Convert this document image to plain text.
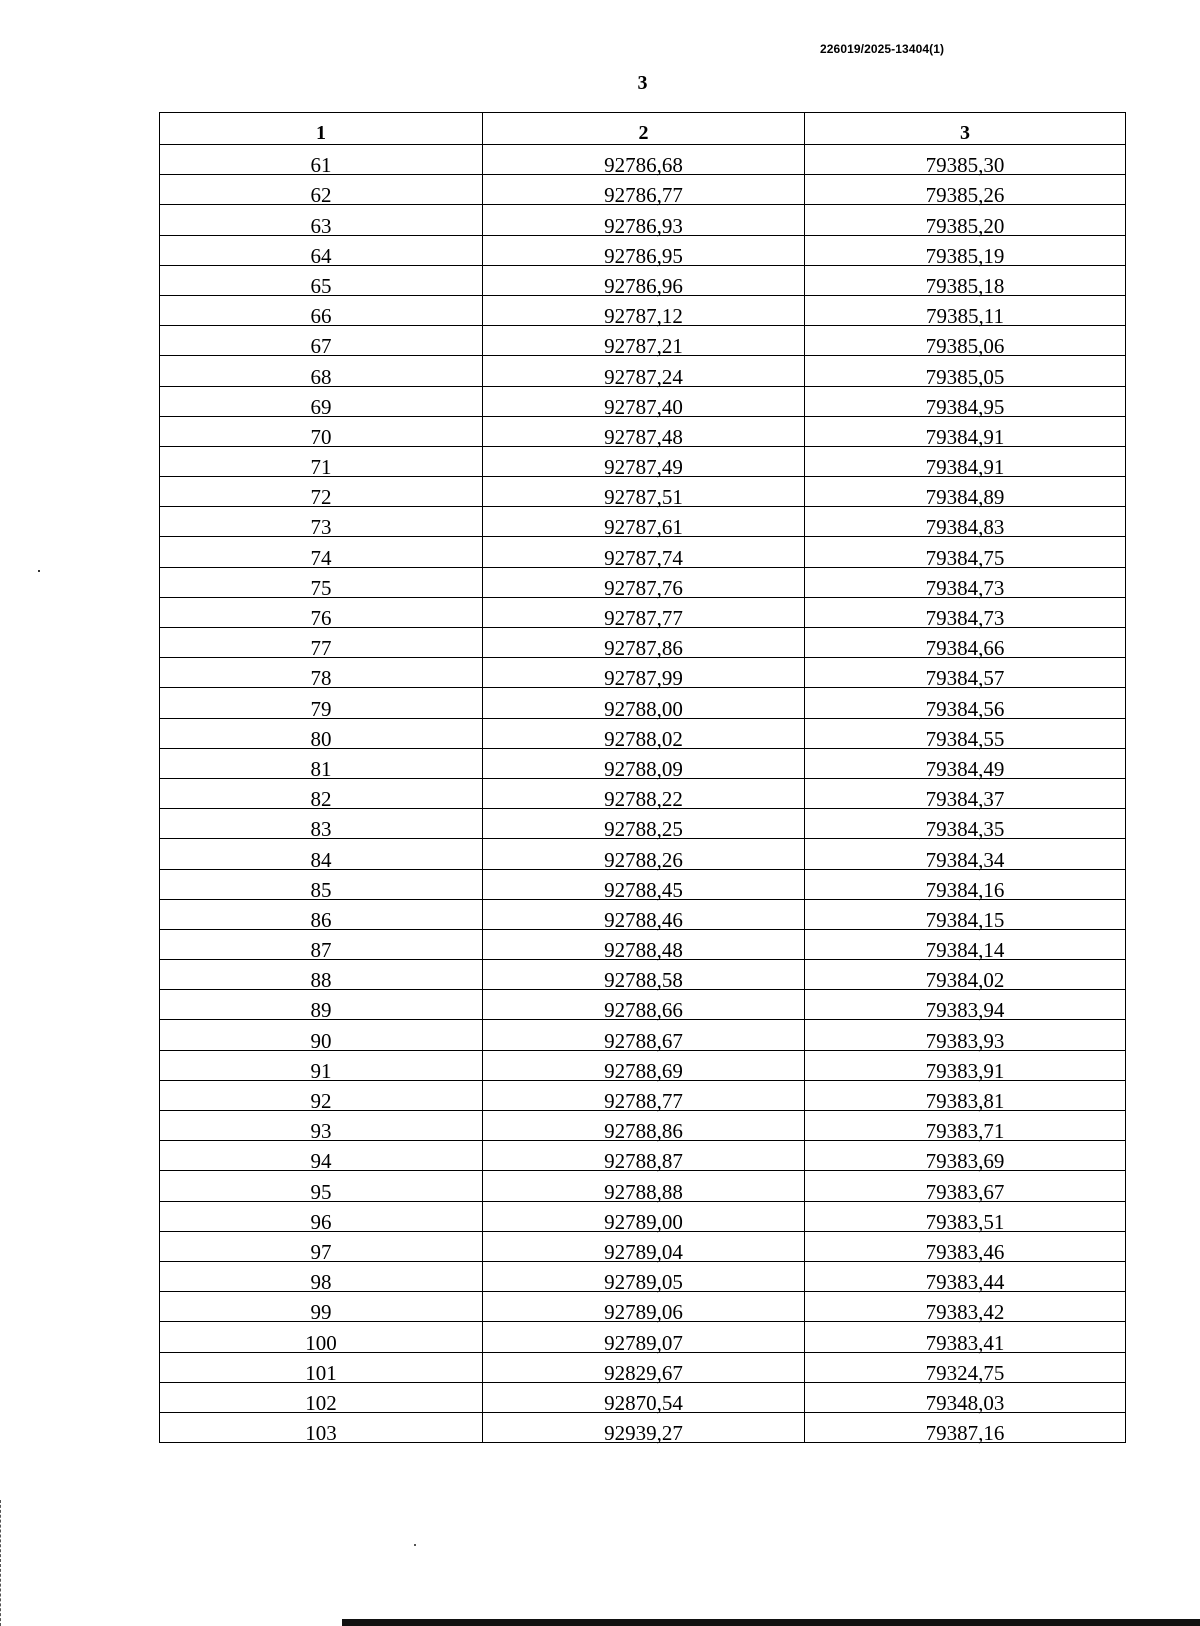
226019/2025-13404(1)
3
1	2	3
61	92786,68	79385,30
62	92786,77	79385,26
63	92786,93	79385,20
64	92786,95	79385,19
65	92786,96	79385,18
66	92787,12	79385,11
67	92787,21	79385,06
68	92787,24	79385,05
69	92787,40	79384,95
70	92787,48	79384,91
71	92787,49	79384,91
72	92787,51	79384,89
73	92787,61	79384,83
74	92787,74	79384,75
75	92787,76	79384,73
76	92787,77	79384,73
77	92787,86	79384,66
78	92787,99	79384,57
79	92788,00	79384,56
80	92788,02	79384,55
81	92788,09	79384,49
82	92788,22	79384,37
83	92788,25	79384,35
84	92788,26	79384,34
85	92788,45	79384,16
86	92788,46	79384,15
87	92788,48	79384,14
88	92788,58	79384,02
89	92788,66	79383,94
90	92788,67	79383,93
91	92788,69	79383,91
92	92788,77	79383,81
93	92788,86	79383,71
94	92788,87	79383,69
95	92788,88	79383,67
96	92789,00	79383,51
97	92789,04	79383,46
98	92789,05	79383,44
99	92789,06	79383,42
100	92789,07	79383,41
101	92829,67	79324,75
102	92870,54	79348,03
103	92939,27	79387,16
